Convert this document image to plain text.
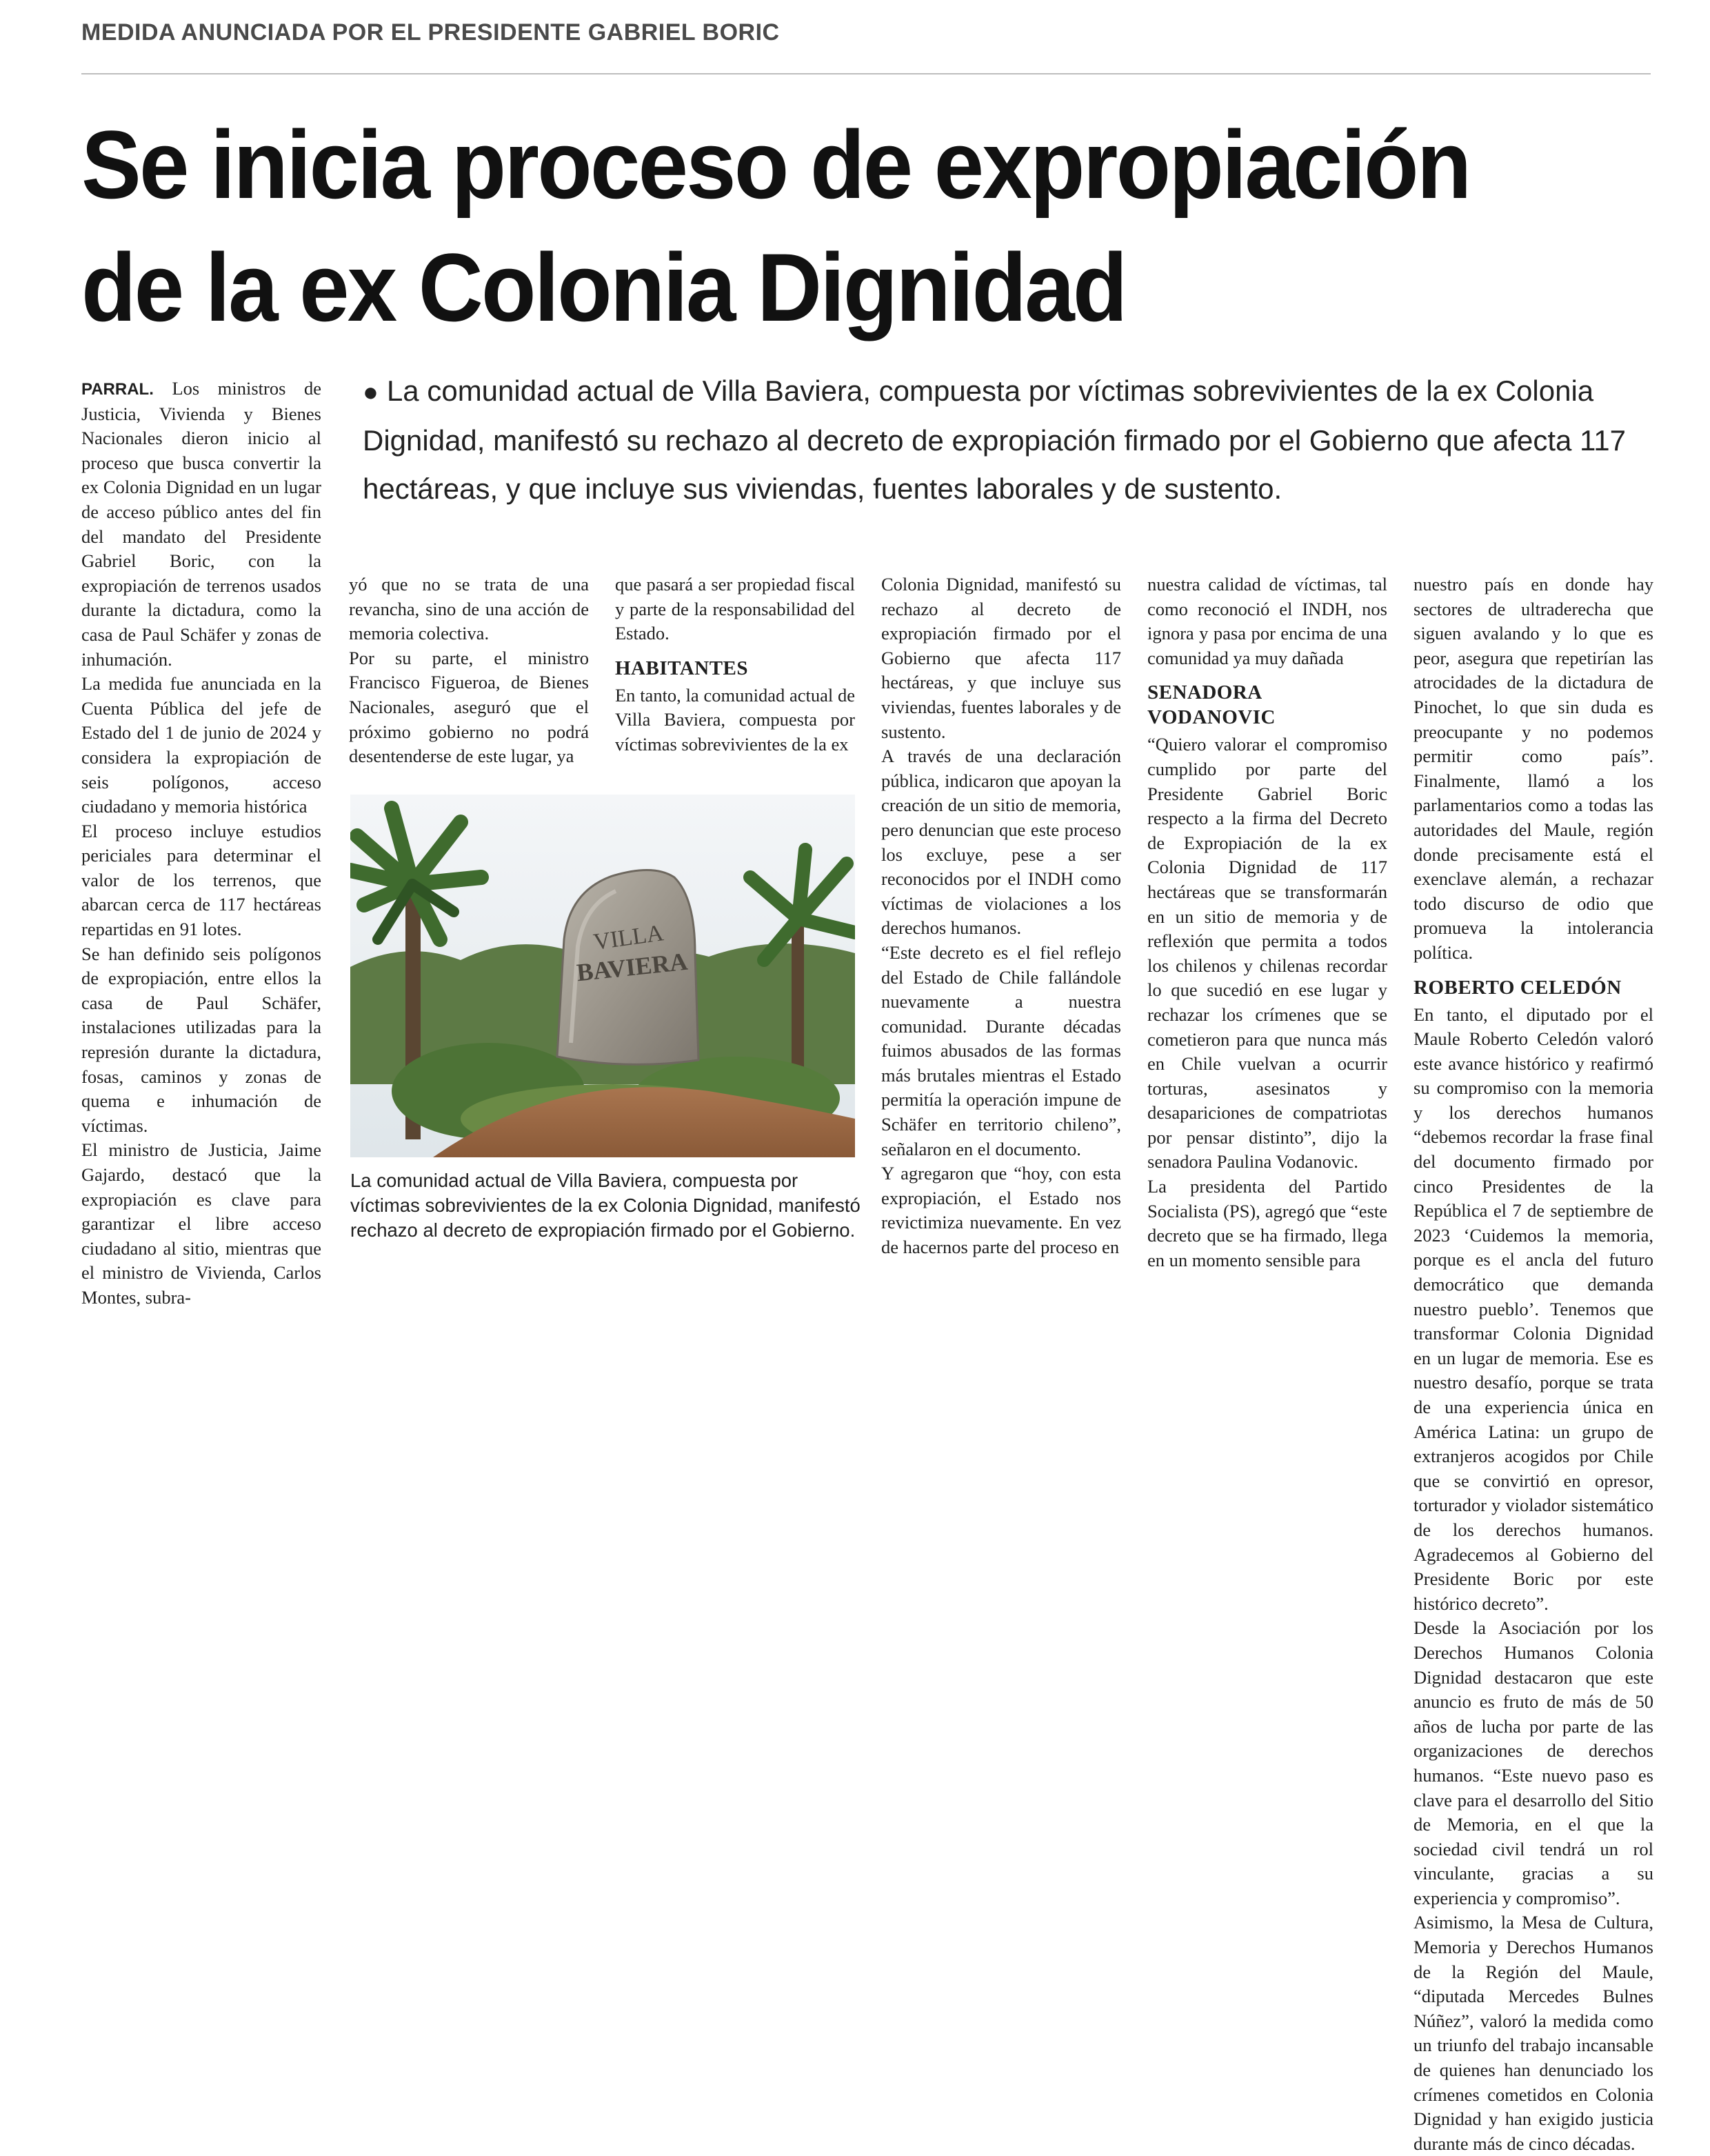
MEDIDA ANUNCIADA POR EL PRESIDENTE GABRIEL BORIC
Se inicia proceso de expropiación
de la ex Colonia Dignidad

● La comunidad actual de Villa Baviera, compuesta por víctimas sobrevivientes de la ex Colonia Dignidad, manifestó su rechazo al decreto de expropiación firmado por el Gobierno que afecta 117 hectáreas, y que incluye sus viviendas, fuentes laborales y de sustento.

PARRAL. Los ministros de Justicia, Vivienda y Bienes Nacionales dieron inicio al proceso que busca convertir la ex Colonia Dignidad en un lugar de acceso público antes del fin del mandato del Presidente Gabriel Boric, con la expropiación de terrenos usados durante la dictadura, como la casa de Paul Schäfer y zonas de inhumación.

La medida fue anunciada en la Cuenta Pública del jefe de Estado del 1 de junio de 2024 y considera la expropiación de seis polígonos, acceso ciudadano y memoria histórica

El proceso incluye estudios periciales para determinar el valor de los terrenos, que abarcan cerca de 117 hectáreas repartidas en 91 lotes.

Se han definido seis polígonos de expropiación, entre ellos la casa de Paul Schäfer, instalaciones utilizadas para la represión durante la dictadura, fosas, caminos y zonas de quema e inhumación de víctimas.

El ministro de Justicia, Jaime Gajardo, destacó que la expropiación es clave para garantizar el libre acceso ciudadano al sitio, mientras que el ministro de Vivienda, Carlos Montes, subra-

yó que no se trata de una revancha, sino de una acción de memoria colectiva.

Por su parte, el ministro Francisco Figueroa, de Bienes Nacionales, aseguró que el próximo gobierno no podrá desentenderse de este lugar, ya

que pasará a ser propiedad fiscal y parte de la responsabilidad del Estado.

HABITANTES

En tanto, la comunidad actual de Villa Baviera, compuesta por víctimas sobrevivientes de la ex

VILLA
BAVIERA

La comunidad actual de Villa Baviera, compuesta por víctimas sobrevivientes de la ex Colonia Dignidad, manifestó rechazo al decreto de expropiación firmado por el Gobierno.

Colonia Dignidad, manifestó su rechazo al decreto de expropiación firmado por el Gobierno que afecta 117 hectáreas, y que incluye sus viviendas, fuentes laborales y de sustento.

A través de una declaración pública, indicaron que apoyan la creación de un sitio de memoria, pero denuncian que este proceso los excluye, pese a ser reconocidos por el INDH como víctimas de violaciones a los derechos humanos.

“Este decreto es el fiel reflejo del Estado de Chile fallándole nuevamente a nuestra comunidad. Durante décadas fuimos abusados de las formas más brutales mientras el Estado permitía la operación impune de Schäfer en territorio chileno”, señalaron en el documento.

Y agregaron que “hoy, con esta expropiación, el Estado nos revictimiza nuevamente. En vez de hacernos parte del proceso en

nuestra calidad de víctimas, tal como reconoció el INDH, nos ignora y pasa por encima de una comunidad ya muy dañada

SENADORA VODANOVIC

“Quiero valorar el compromiso cumplido por parte del Presidente Gabriel Boric respecto a la firma del Decreto de Expropiación de la ex Colonia Dignidad de 117 hectáreas que se transformarán en un sitio de memoria y de reflexión que permita a todos los chilenos y chilenas recordar lo que sucedió en ese lugar y rechazar los crímenes que se cometieron para que nunca más en Chile vuelvan a ocurrir torturas, asesinatos y desapariciones de compatriotas por pensar distinto”, dijo la senadora Paulina Vodanovic.

La presidenta del Partido Socialista (PS), agregó que “este decreto que se ha firmado, llega en un momento sensible para

nuestro país en donde hay sectores de ultraderecha que siguen avalando y lo que es peor, asegura que repetirían las atrocidades de la dictadura de Pinochet, lo que sin duda es preocupante y no podemos permitir como país”. Finalmente, llamó a los parlamentarios como a todas las autoridades del Maule, región donde precisamente está el exenclave alemán, a rechazar todo discurso de odio que promueva la intolerancia política.

ROBERTO CELEDÓN

En tanto, el diputado por el Maule Roberto Celedón valoró este avance histórico y reafirmó su compromiso con la memoria y los derechos humanos “debemos recordar la frase final del documento firmado por cinco Presidentes de la República el 7 de septiembre de 2023 ‘Cuidemos la memoria, porque es el ancla del futuro democrático que demanda nuestro pueblo’. Tenemos que transformar Colonia Dignidad en un lugar de memoria. Ese es nuestro desafío, porque se trata de una experiencia única en América Latina: un grupo de extranjeros acogidos por Chile que se convirtió en opresor, torturador y violador sistemático de los derechos humanos. Agradecemos al Gobierno del Presidente Boric por este histórico decreto”.

Desde la Asociación por los Derechos Humanos Colonia Dignidad destacaron que este anuncio es fruto de más de 50 años de lucha por parte de las organizaciones de derechos humanos. “Este nuevo paso es clave para el desarrollo del Sitio de Memoria, en el que la sociedad civil tendrá un rol vinculante, gracias a su experiencia y compromiso”.

Asimismo, la Mesa de Cultura, Memoria y Derechos Humanos de la Región del Maule, “diputada Mercedes Bulnes Núñez”, valoró la medida como un triunfo del trabajo incansable de quienes han denunciado los crímenes cometidos en Colonia Dignidad y han exigido justicia durante más de cinco décadas.
